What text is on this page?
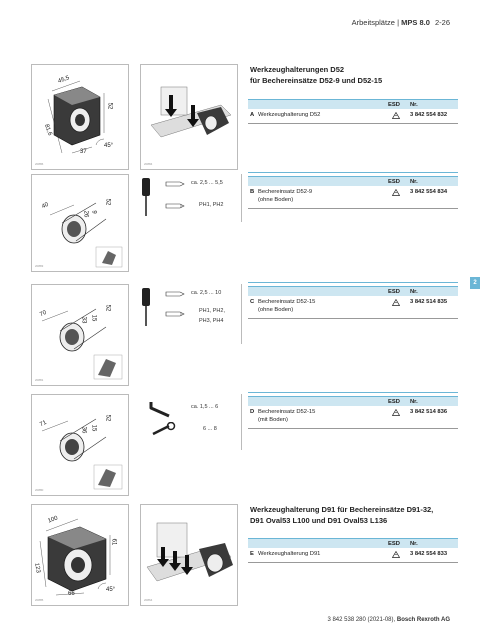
Arbeitsplätze | MPS 8.0 2-26
2
45,5
52
81,6
37
45°
20886	20884
40
26 9
52
20883
ca. 2,5 ... 5,5
PH1, PH2
70
33 15
52
20881
ca. 2,5 ... 10
PH1, PH2,
PH3, PH4
71
36 15
52
20880
ca. 1,5 ... 6
6 ... 8
100
61
123
66
45°
20885	20864
Werkzeughalterungen D52
für Bechereinsätze D52-9 und D52-15
ESD Nr.
A Werkzeughalterung D52	3 842 554 832
ESD Nr.
B Bechereinsatz D52-9
(ohne Boden)
3 842 554 834
ESD Nr.
C Bechereinsatz D52-15
(ohne Boden)
3 842 514 835
ESD Nr.
D Bechereinsatz D52-15
(mit Boden)
3 842 514 836
Werkzeughalterung D91 für Bechereinsätze D91-32,
D91 Oval53 L100 und D91 Oval53 L136
ESD Nr.
E Werkzeughalterung D91	3 842 554 833
3 842 538 280 (2021-08), Bosch Rexroth AG
